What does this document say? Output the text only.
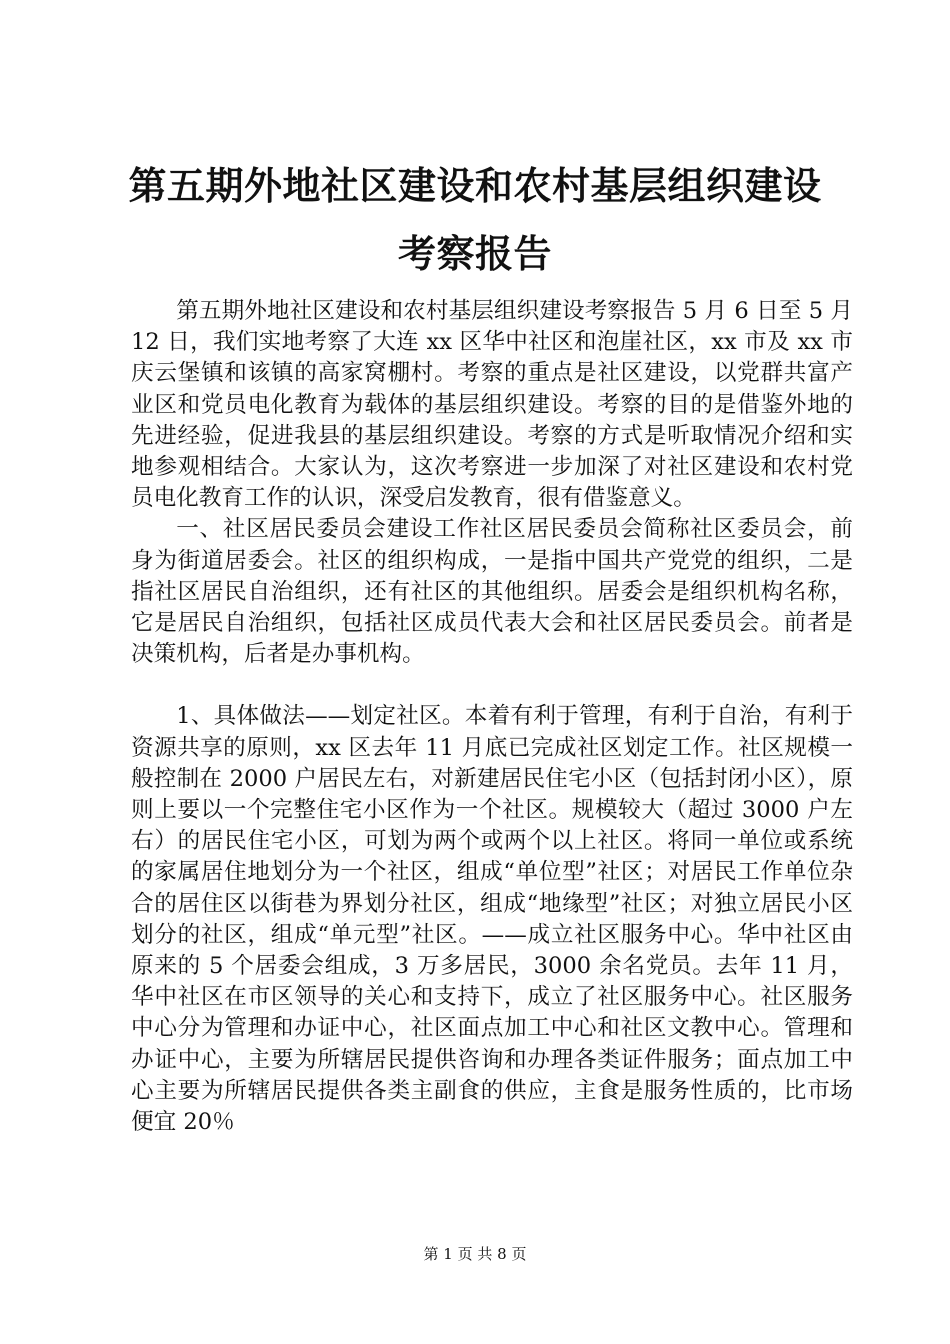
第五期外地社区建设和农村基层组织建设考察报告

第五期外地社区建设和农村基层组织建设考察报告 5 月 6 日至 5 月 12 日，我们实地考察了大连 xx 区华中社区和泡崖社区，xx 市及 xx 市庆云堡镇和该镇的高家窝棚村。考察的重点是社区建设，以党群共富产业区和党员电化教育为载体的基层组织建设。考察的目的是借鉴外地的先进经验，促进我县的基层组织建设。考察的方式是听取情况介绍和实地参观相结合。大家认为，这次考察进一步加深了对社区建设和农村党员电化教育工作的认识，深受启发教育，很有借鉴意义。

一、社区居民委员会建设工作社区居民委员会简称社区委员会，前身为街道居委会。社区的组织构成，一是指中国共产党党的组织，二是指社区居民自治组织，还有社区的其他组织。居委会是组织机构名称，它是居民自治组织，包括社区成员代表大会和社区居民委员会。前者是决策机构，后者是办事机构。

1、具体做法——划定社区。本着有利于管理，有利于自治，有利于资源共享的原则，xx 区去年 11 月底已完成社区划定工作。社区规模一般控制在 2000 户居民左右，对新建居民住宅小区（包括封闭小区），原则上要以一个完整住宅小区作为一个社区。规模较大（超过 3000 户左右）的居民住宅小区，可划为两个或两个以上社区。将同一单位或系统的家属居住地划分为一个社区，组成“单位型”社区；对居民工作单位杂合的居住区以街巷为界划分社区，组成“地缘型”社区；对独立居民小区划分的社区，组成“单元型”社区。——成立社区服务中心。华中社区由原来的 5 个居委会组成，3 万多居民，3000 余名党员。去年 11 月，华中社区在市区领导的关心和支持下，成立了社区服务中心。社区服务中心分为管理和办证中心，社区面点加工中心和社区文教中心。管理和办证中心，主要为所辖居民提供咨询和办理各类证件服务；面点加工中心主要为所辖居民提供各类主副食的供应，主食是服务性质的，比市场便宜 20％

第 1 页 共 8 页
